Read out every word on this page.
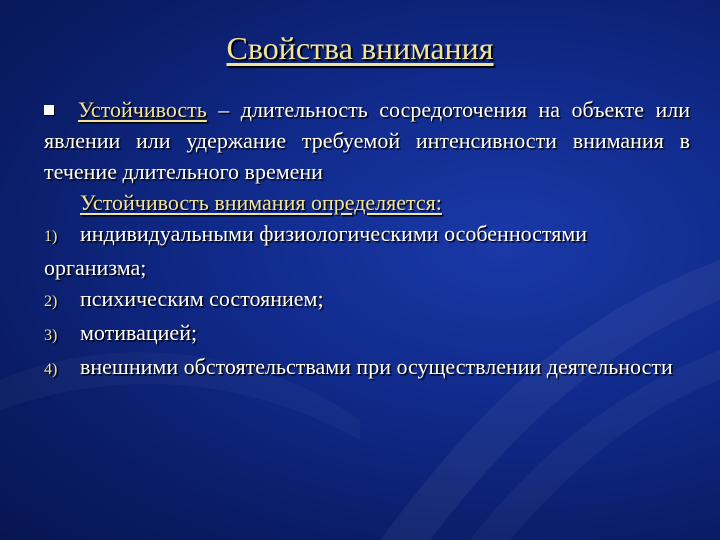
Свойства внимания

Устойчивость – длительность сосредоточения на объекте или явлении или удержание требуемой интенсивности внимания в течение длительного времени

Устойчивость внимания определяется:

1) индивидуальными физиологическими особенностями организма;

2) психическим состоянием;

3) мотивацией;

4) внешними обстоятельствами при осуществлении деятельности
